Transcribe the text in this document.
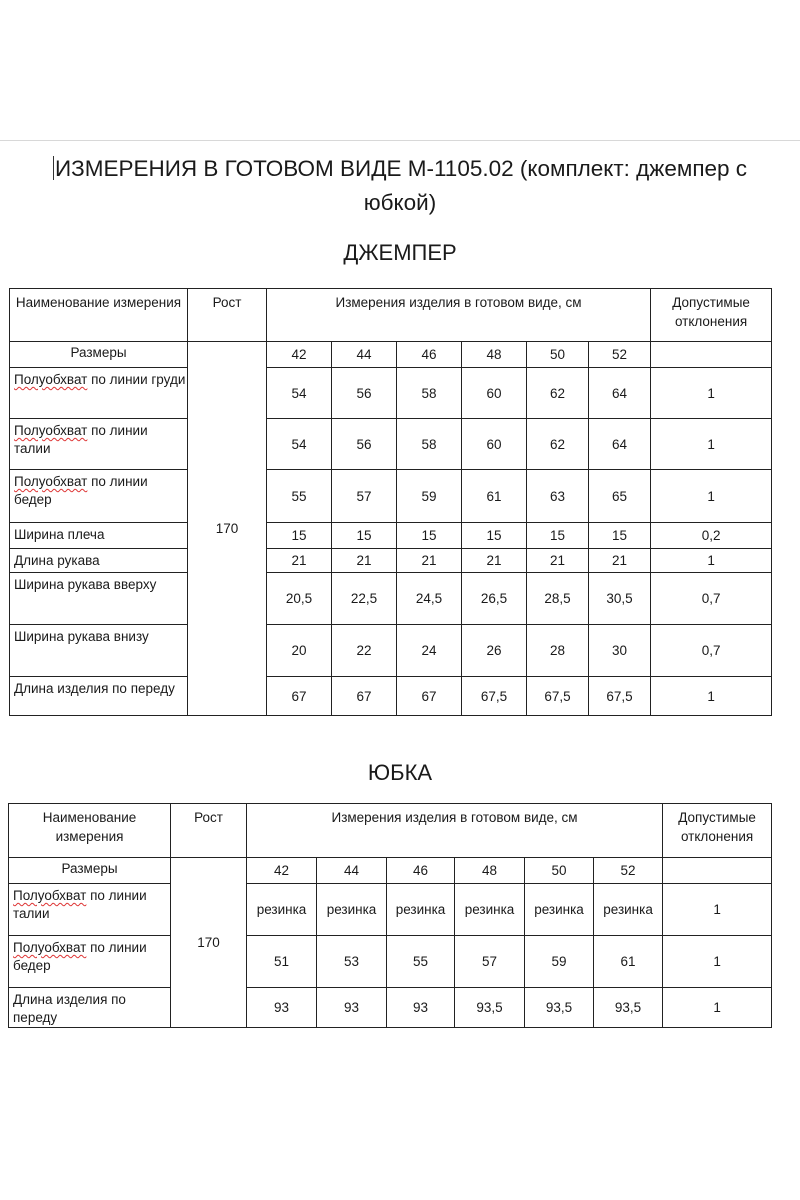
ИЗМЕРЕНИЯ В ГОТОВОМ ВИДЕ М-1105.02 (комплект: джемпер с
юбкой)
ДЖЕМПЕР
Наименование измерения	Рост	Измерения изделия в готовом виде, см						Допустимые отклонения
Размеры	170	42	44	46	48	50	52	
Полуобхват по линии груди		54	56	58	60	62	64	1
Полуобхват по линии талии		54	56	58	60	62	64	1
Полуобхват по линии бедер		55	57	59	61	63	65	1
Ширина плеча		15	15	15	15	15	15	0,2
Длина рукава		21	21	21	21	21	21	1
Ширина рукава вверху		20,5	22,5	24,5	26,5	28,5	30,5	0,7
Ширина рукава внизу		20	22	24	26	28	30	0,7
Длина изделия по переду		67	67	67	67,5	67,5	67,5	1
ЮБКА
Наименование измерения	Рост	Измерения изделия в готовом виде, см						Допустимые отклонения
Размеры	170	42	44	46	48	50	52	
Полуобхват по линии талии		резинка	резинка	резинка	резинка	резинка	резинка	1
Полуобхват по линии бедер		51	53	55	57	59	61	1
Длина изделия по переду		93	93	93	93,5	93,5	93,5	1
